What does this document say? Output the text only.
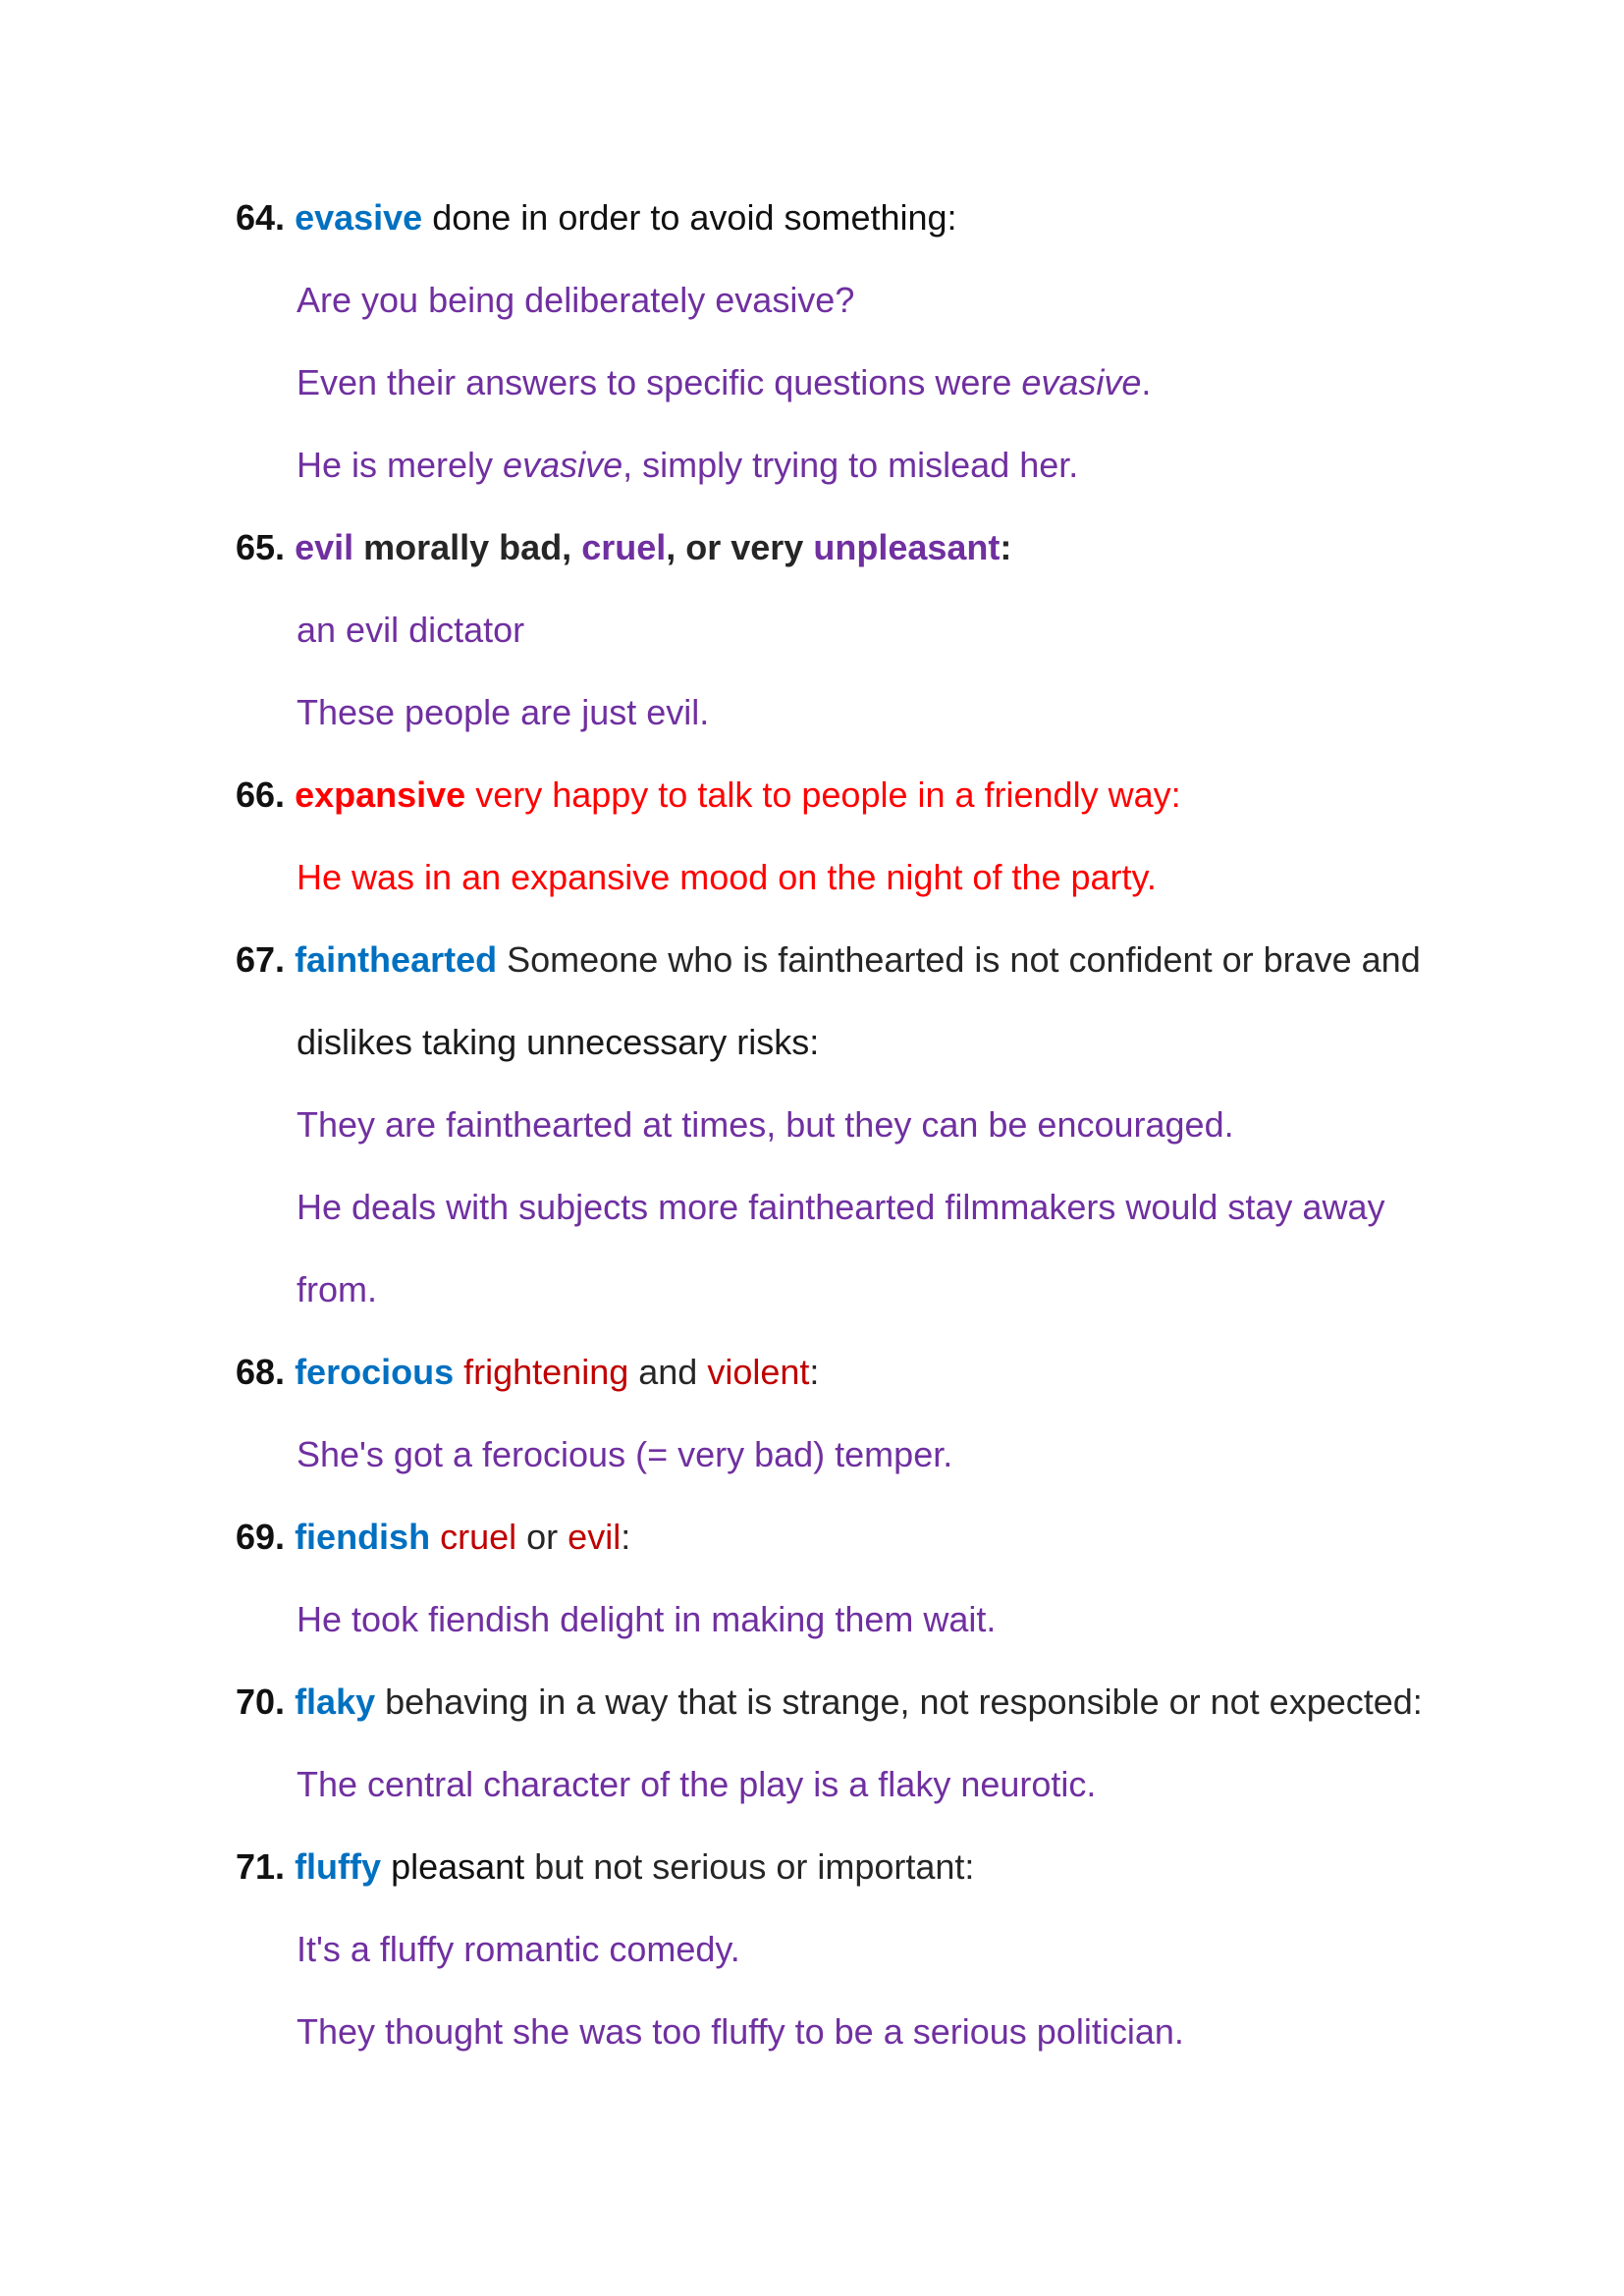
64. evasive done in order to avoid something:
Are you being deliberately evasive?
Even their answers to specific questions were evasive.
He is merely evasive, simply trying to mislead her.
65. evil morally bad, cruel, or very unpleasant:
an evil dictator
These people are just evil.
66. expansive very happy to talk to people in a friendly way:
He was in an expansive mood on the night of the party.
67. fainthearted Someone who is fainthearted is not confident or brave and
dislikes taking unnecessary risks:
They are fainthearted at times, but they can be encouraged.
He deals with subjects more fainthearted filmmakers would stay away
from.
68. ferocious frightening and violent:
She's got a ferocious (= very bad) temper.
69. fiendish cruel or evil:
He took fiendish delight in making them wait.
70. flaky behaving in a way that is strange, not responsible or not expected:
The central character of the play is a flaky neurotic.
71. fluffy pleasant but not serious or important:
It's a fluffy romantic comedy.
They thought she was too fluffy to be a serious politician.
